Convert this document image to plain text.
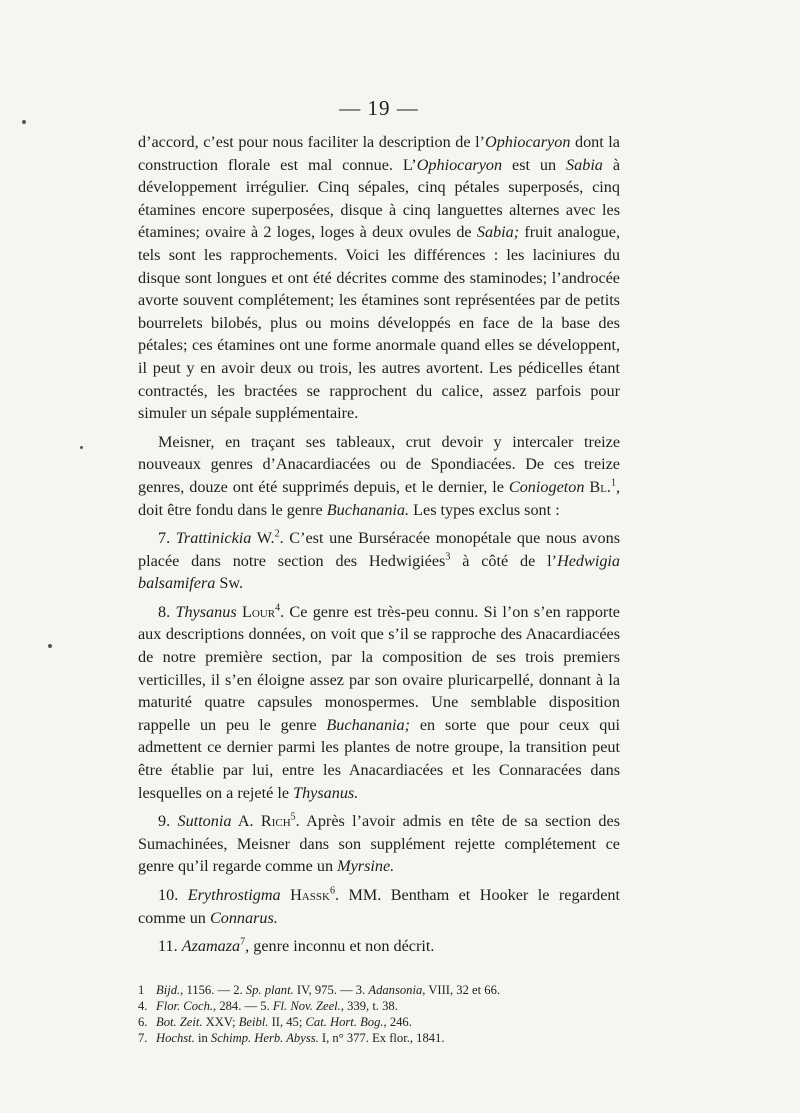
— 19 —

d’accord, c’est pour nous faciliter la description de l’Ophiocaryon dont la construction florale est mal connue. L’Ophiocaryon est un Sabia à développement irrégulier. Cinq sépales, cinq pétales superposés, cinq étamines encore superposées, disque à cinq languettes alternes avec les étamines; ovaire à 2 loges, loges à deux ovules de Sabia; fruit analogue, tels sont les rapprochements. Voici les différences : les laciniures du disque sont longues et ont été décrites comme des staminodes; l’androcée avorte souvent complétement; les étamines sont représentées par de petits bourrelets bilobés, plus ou moins développés en face de la base des pétales; ces étamines ont une forme anormale quand elles se développent, il peut y en avoir deux ou trois, les autres avortent. Les pédicelles étant contractés, les bractées se rapprochent du calice, assez parfois pour simuler un sépale supplémentaire.

Meisner, en traçant ses tableaux, crut devoir y intercaler treize nouveaux genres d’Anacardiacées ou de Spondiacées. De ces treize genres, douze ont été supprimés depuis, et le dernier, le Coniogeton Bl.$^1$, doit être fondu dans le genre Buchanania. Les types exclus sont :

7. Trattinickia W.$^2$. C’est une Burséracée monopétale que nous avons placée dans notre section des Hedwigiées$^3$ à côté de l’Hedwigia balsamifera Sw.

8. Thysanus Lour$^4$. Ce genre est très-peu connu. Si l’on s’en rapporte aux descriptions données, on voit que s’il se rapproche des Anacardiacées de notre première section, par la composition de ses trois premiers verticilles, il s’en éloigne assez par son ovaire pluricarpellé, donnant à la maturité quatre capsules monospermes. Une semblable disposition rappelle un peu le genre Buchanania; en sorte que pour ceux qui admettent ce dernier parmi les plantes de notre groupe, la transition peut être établie par lui, entre les Anacardiacées et les Connaracées dans lesquelles on a rejeté le Thysanus.

9. Suttonia A. Rich$^5$. Après l’avoir admis en tête de sa section des Sumachinées, Meisner dans son supplément rejette complétement ce genre qu’il regarde comme un Myrsine.

10. Erythrostigma Hassk$^6$. MM. Bentham et Hooker le regardent comme un Connarus.

11. Azamaza$^7$, genre inconnu et non décrit.

1 Bijd., 1156. — 2. Sp. plant. IV, 975. — 3. Adansonia, VIII, 32 et 66.

4. Flor. Coch., 284. — 5. Fl. Nov. Zeel., 339, t. 38.

6. Bot. Zeit. XXV; Beibl. II, 45; Cat. Hort. Bog., 246.

7. Hochst. in Schimp. Herb. Abyss. I, n° 377. Ex flor., 1841.
